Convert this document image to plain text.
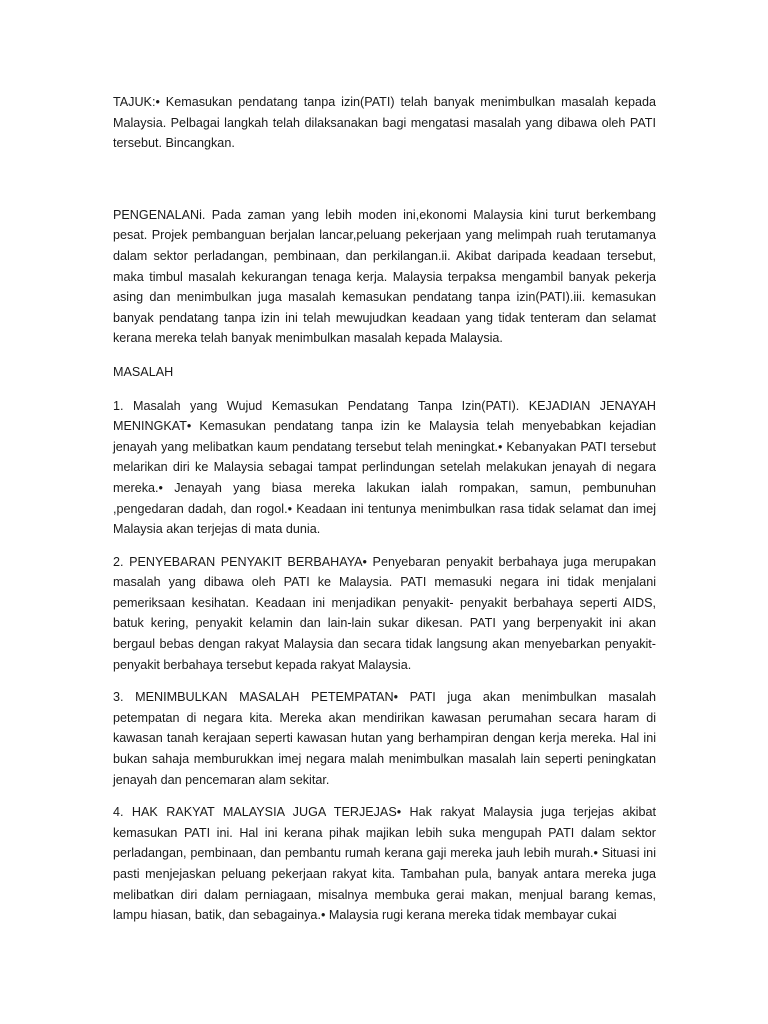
TAJUK:• Kemasukan pendatang tanpa izin(PATI) telah banyak menimbulkan masalah kepada Malaysia. Pelbagai langkah telah dilaksanakan bagi mengatasi masalah yang dibawa oleh PATI tersebut. Bincangkan.

PENGENALANi. Pada zaman yang lebih moden ini,ekonomi Malaysia kini turut berkembang pesat. Projek pembanguan berjalan lancar,peluang pekerjaan yang melimpah ruah terutamanya dalam sektor perladangan, pembinaan, dan perkilangan.ii. Akibat daripada keadaan tersebut, maka timbul masalah kekurangan tenaga kerja. Malaysia terpaksa mengambil banyak pekerja asing dan menimbulkan juga masalah kemasukan pendatang tanpa izin(PATI).iii. kemasukan banyak pendatang tanpa izin ini telah mewujudkan keadaan yang tidak tenteram dan selamat kerana mereka telah banyak menimbulkan masalah kepada Malaysia.

MASALAH

1. Masalah yang Wujud Kemasukan Pendatang Tanpa Izin(PATI). KEJADIAN JENAYAH MENINGKAT• Kemasukan pendatang tanpa izin ke Malaysia telah menyebabkan kejadian jenayah yang melibatkan kaum pendatang tersebut telah meningkat.• Kebanyakan PATI tersebut melarikan diri ke Malaysia sebagai tampat perlindungan setelah melakukan jenayah di negara mereka.• Jenayah yang biasa mereka lakukan ialah rompakan, samun, pembunuhan ,pengedaran dadah, dan rogol.• Keadaan ini tentunya menimbulkan rasa tidak selamat dan imej Malaysia akan terjejas di mata dunia.

2. PENYEBARAN PENYAKIT BERBAHAYA• Penyebaran penyakit berbahaya juga merupakan masalah yang dibawa oleh PATI ke Malaysia. PATI memasuki negara ini tidak menjalani pemeriksaan kesihatan. Keadaan ini menjadikan penyakit- penyakit berbahaya seperti AIDS, batuk kering, penyakit kelamin dan lain-lain sukar dikesan. PATI yang berpenyakit ini akan bergaul bebas dengan rakyat Malaysia dan secara tidak langsung akan menyebarkan penyakit-penyakit berbahaya tersebut kepada rakyat Malaysia.

3. MENIMBULKAN MASALAH PETEMPATAN• PATI juga akan menimbulkan masalah petempatan di negara kita. Mereka akan mendirikan kawasan perumahan secara haram di kawasan tanah kerajaan seperti kawasan hutan yang berhampiran dengan kerja mereka. Hal ini bukan sahaja memburukkan imej negara malah menimbulkan masalah lain seperti peningkatan jenayah dan pencemaran alam sekitar.

4. HAK RAKYAT MALAYSIA JUGA TERJEJAS• Hak rakyat Malaysia juga terjejas akibat kemasukan PATI ini. Hal ini kerana pihak majikan lebih suka mengupah PATI dalam sektor perladangan, pembinaan, dan pembantu rumah kerana gaji mereka jauh lebih murah.• Situasi ini pasti menjejaskan peluang pekerjaan rakyat kita. Tambahan pula, banyak antara mereka juga melibatkan diri dalam perniagaan, misalnya membuka gerai makan, menjual barang kemas, lampu hiasan, batik, dan sebagainya.• Malaysia rugi kerana mereka tidak membayar cukai
